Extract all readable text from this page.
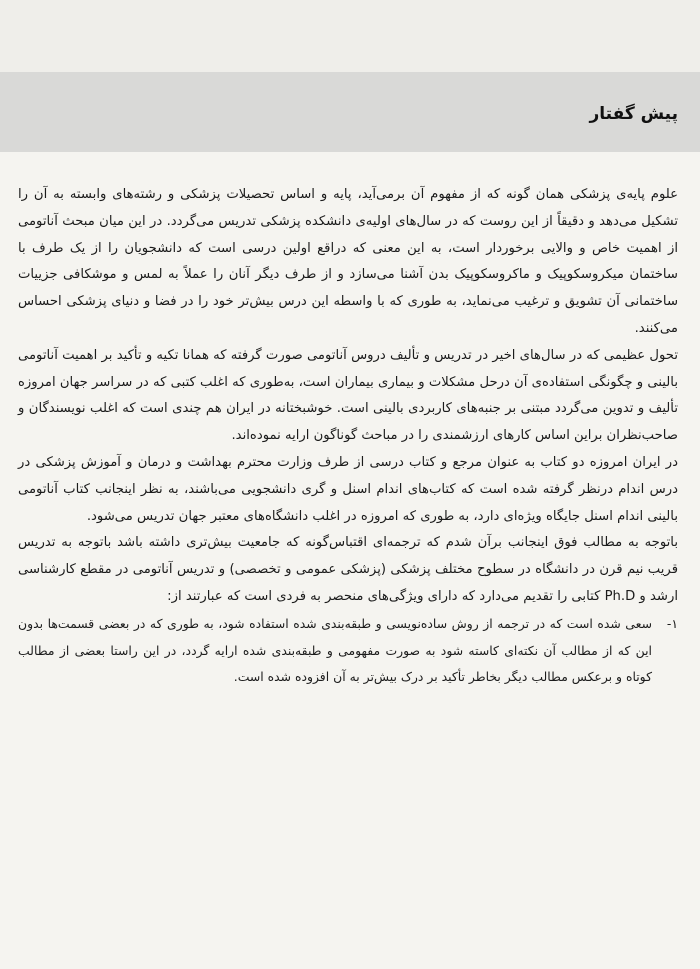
پیش گفتار

علوم پایه‌ی پزشکی همان گونه که از مفهوم آن برمی‌آید، پایه و اساس تحصیلات پزشکی و رشته‌های وابسته به آن را تشکیل می‌دهد و دقیقاً از این روست که در سال‌های اولیه‌ی دانشکده پزشکی تدریس می‌گردد. در این میان مبحث آناتومی از اهمیت خاص و والایی برخوردار است، به این معنی که دراقع اولین درسی است که دانشجویان را از یک طرف با ساختمان میکروسکوپیک و ماکروسکوپیک بدن آشنا می‌سازد و از طرف دیگر آنان را عملاً به لمس و موشکافی جزییات ساختمانی آن تشویق و ترغیب می‌نماید، به طوری که با واسطه این درس بیش‌تر خود را در فضا و دنیای پزشکی احساس می‌کنند.

تحول عظیمی که در سال‌های اخیر در تدریس و تألیف دروس آناتومی صورت گرفته که همانا تکیه و تأکید بر اهمیت آناتومی بالینی و چگونگی استفاده‌ی آن درحل مشکلات و بیماری بیماران است، به‌طوری که اغلب کتبی که در سراسر جهان امروزه تألیف و تدوین می‌گردد مبتنی بر جنبه‌های کاربردی بالینی است. خوشبختانه در ایران هم چندی است که اغلب نویسندگان و صاحب‌نظران براین اساس کارهای ارزشمندی را در مباحث گوناگون ارایه نموده‌اند.

در ایران امروزه دو کتاب به عنوان مرجع و کتاب درسی از طرف وزارت محترم بهداشت و درمان و آموزش پزشکی در درس اندام درنظر گرفته شده است که کتاب‌های اندام اسنل و گری دانشجویی می‌باشند، به نظر اینجانب کتاب آناتومی بالینی اندام اسنل جایگاه ویژه‌ای دارد، به طوری که امروزه در اغلب دانشگاه‌های معتبر جهان تدریس می‌شود.

باتوجه به مطالب فوق اینجانب برآن شدم که ترجمه‌ای اقتباس‌گونه که جامعیت بیش‌تری داشته باشد باتوجه به تدریس قریب نیم قرن در دانشگاه در سطوح مختلف پزشکی (پزشکی عمومی و تخصصی) و تدریس آناتومی در مقطع کارشناسی ارشد و Ph.D کتابی را تقدیم می‌دارد که دارای ویژگی‌های منحصر به فردی است که عبارتند از:

۱-
سعی شده است که در ترجمه از روش ساده‌نویسی و طبقه‌بندی شده استفاده شود، به طوری که در بعضی قسمت‌ها بدون این که از مطالب آن نکته‌ای کاسته شود به صورت مفهومی و طبقه‌بندی شده ارایه گردد، در این راستا بعضی از مطالب کوتاه و برعکس مطالب دیگر بخاطر تأکید بر درک بیش‌تر به آن افزوده شده است.
